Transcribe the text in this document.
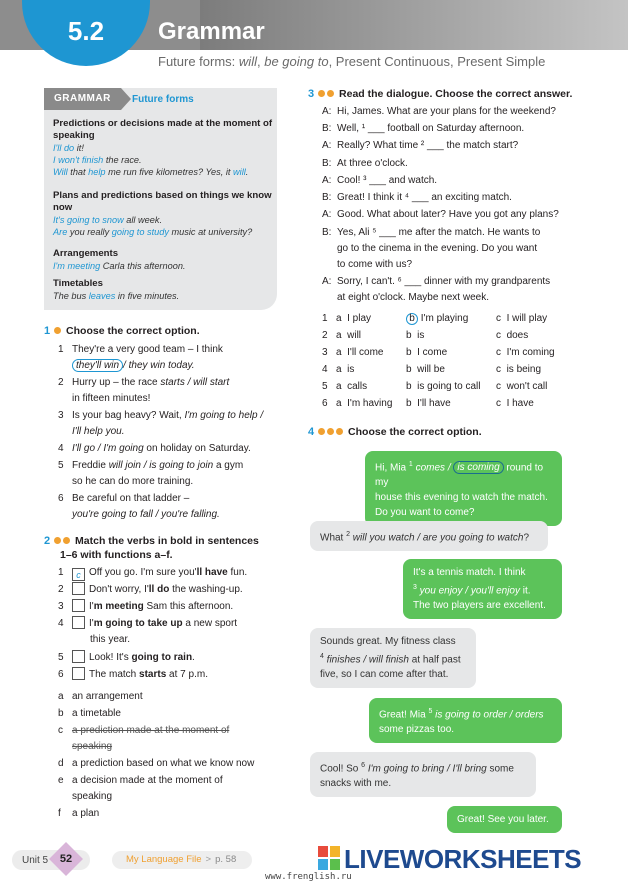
5.2	Grammar
Future forms: will, be going to, Present Continuous, Present Simple
GRAMMAR	Future forms
Predictions or decisions made at the moment of speaking
I'll do it!
I won't finish the race.
Will that help me run five kilometres? Yes, it will.
Plans and predictions based on things we know now
It's going to snow all week.
Are you really going to study music at university?
Arrangements
I'm meeting Carla this afternoon.
Timetables
The bus leaves in five minutes.
1 Choose the correct option.
1 They're a very good team – I think
they'll win / they win today.
2 Hurry up – the race starts / will start
in fifteen minutes!
3 Is your bag heavy? Wait, I'm going to help /
I'll help you.
4 I'll go / I'm going on holiday on Saturday.
5 Freddie will join / is going to join a gym
so he can do more training.
6 Be careful on that ladder –
you're going to fall / you're falling.
2 Match the verbs in bold in sentences
1–6 with functions a–f.
1	c Off you go. I'm sure you'll have fun.
2	Don't worry, I'll do the washing-up.
3	I'm meeting Sam this afternoon.
4	I'm going to take up a new sport
this year.
5	Look! It's going to rain.
6	The match starts at 7 p.m.
a an arrangement
b a timetable
c a prediction made at the moment of
speaking
d a prediction based on what we know now
e a decision made at the moment of
speaking
f	a plan
3 Read the dialogue. Choose the correct answer.
A: Hi, James. What are your plans for the weekend?
B: Well, ¹ ___ football on Saturday afternoon.
A: Really? What time ² ___ the match start?
B: At three o'clock.
A: Cool! ³ ___ and watch.
B: Great! I think it ⁴ ___ an exciting match.
A: Good. What about later? Have you got any plans?
B: Yes, Ali ⁵ ___ me after the match. He wants to
go to the cinema in the evening. Do you want
to come with us?
A: Sorry, I can't. ⁶ ___ dinner with my grandparents
at eight o'clock. Maybe next week.
1 a  I play	b I'm playing	c  I will play
2 a  will	b  is	c  does
3 a  I'll come b  I come	c  I'm coming
4 a  is	b  will be	c  is being
5 a  calls	b  is going to call c  won't call
6 a  I'm having b  I'll have	c  I have
4	Choose the correct option.
Hi, Mia $^1$ comes / is coming round to my
house this evening to watch the match.
Do you want to come?
What $^2$ will you watch / are you going to watch?
It's a tennis match. I think
$^3$ you enjoy / you'll enjoy it.
The two players are excellent.
Sounds great. My fitness class
$^4$ finishes / will finish at half past
five, so I can come after that.
Great! Mia $^5$ is going to order / orders
some pizzas too.
Cool! So $^6$ I'm going to bring / I'll bring some
snacks with me.
Great! See you later.
Unit 5	52	My Language File > p. 58	LIVEWORKSHEETS
www.frenglish.ru
